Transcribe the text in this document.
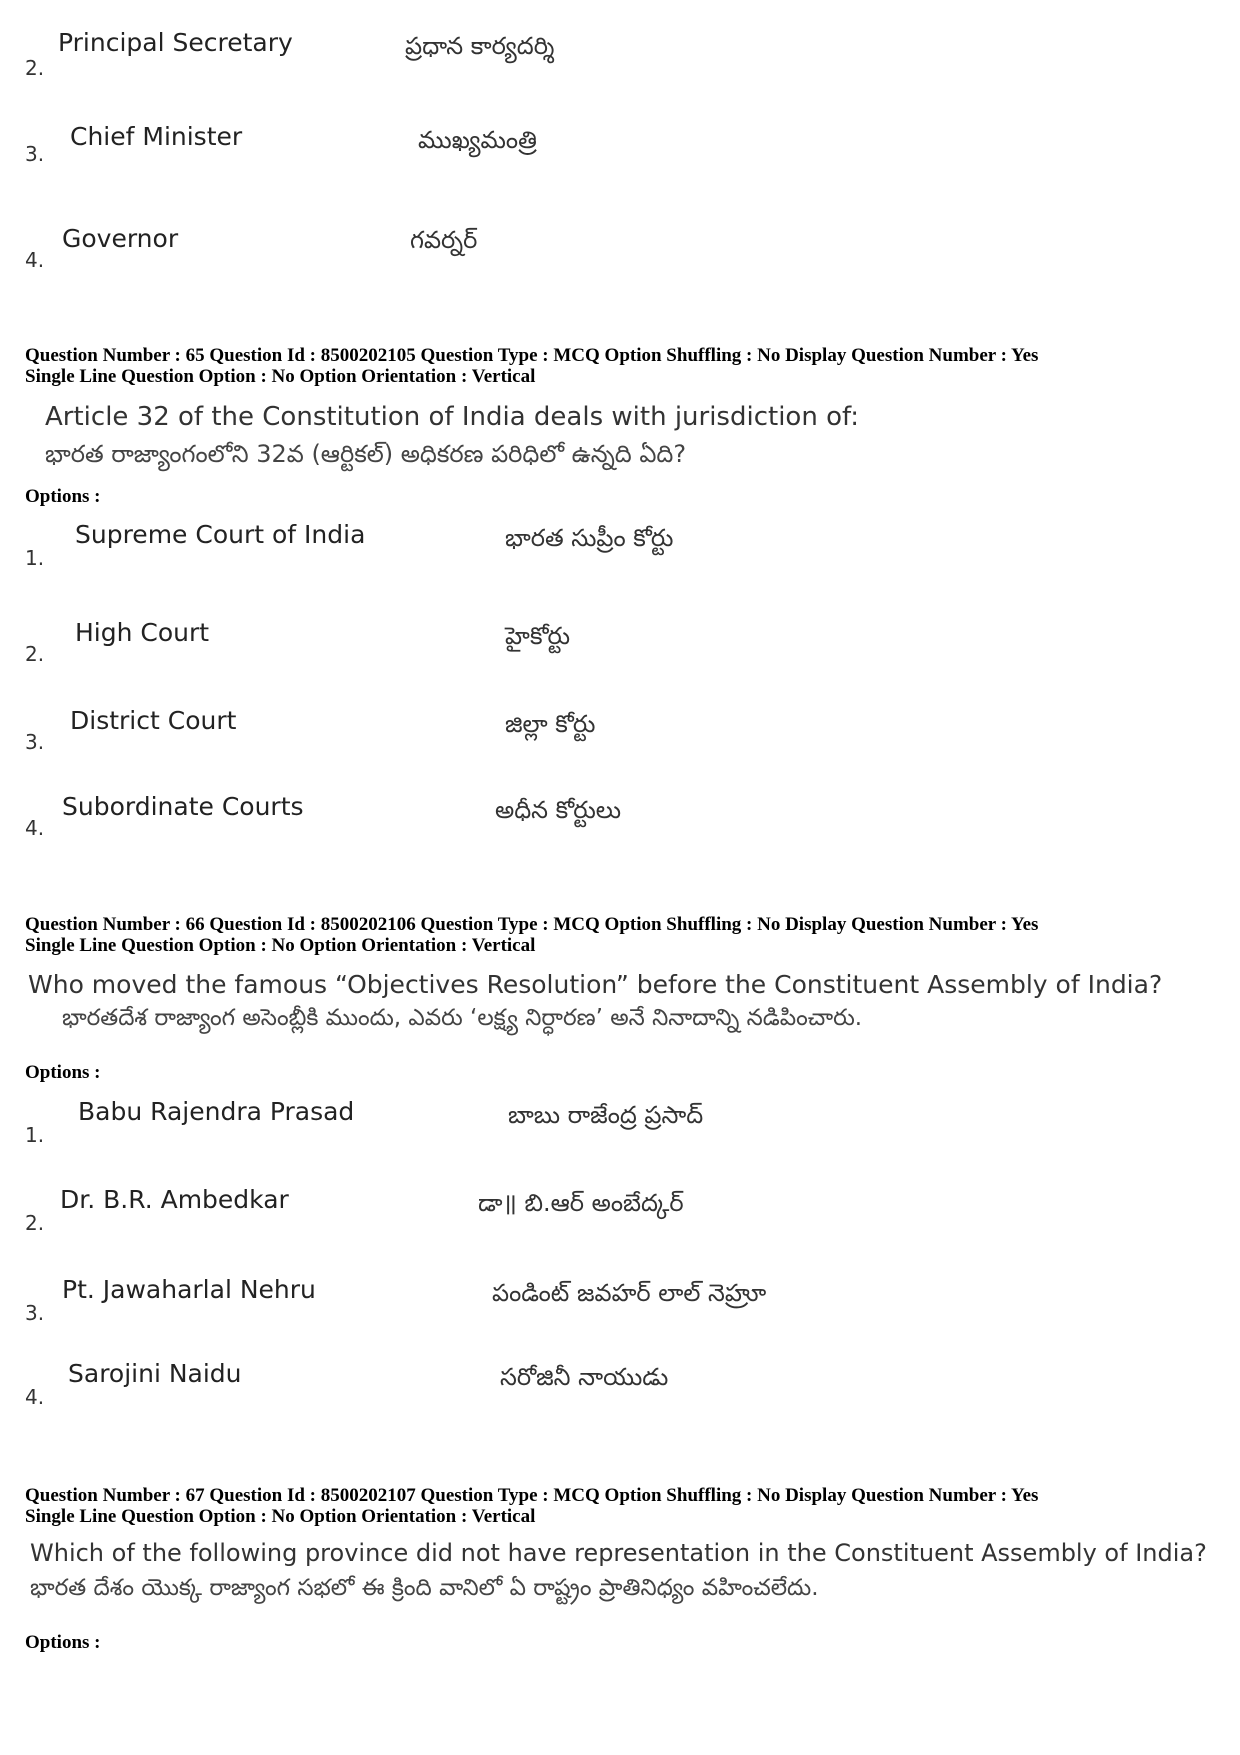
2.
Principal Secretary	ప్రధాన కార్యదర్శి
3.
Chief Minister	ముఖ్యమంత్రి
4.
Governor	గవర్నర్
Question Number : 65 Question Id : 8500202105 Question Type : MCQ Option Shuffling : No Display Question Number : Yes
Single Line Question Option : No Option Orientation : Vertical
Article 32 of the Constitution of India deals with jurisdiction of:
భారత రాజ్యాంగంలోని 32వ (ఆర్టికల్) అధికరణ పరిధిలో ఉన్నది ఏది?
Options :
1.
Supreme Court of India	భారత సుప్రీం కోర్టు
2.
High Court	హైకోర్టు
3.
District Court	జిల్లా కోర్టు
4.
Subordinate Courts	అధీన కోర్టులు
Question Number : 66 Question Id : 8500202106 Question Type : MCQ Option Shuffling : No Display Question Number : Yes
Single Line Question Option : No Option Orientation : Vertical
Who moved the famous “Objectives Resolution” before the Constituent Assembly of India?
భారతదేశ రాజ్యాంగ అసెంబ్లీకి ముందు, ఎవరు ‘లక్ష్య నిర్ధారణ’ అనే నినాదాన్ని నడిపించారు.
Options :
1.
Babu Rajendra Prasad	బాబు రాజేంద్ర ప్రసాద్
2.
Dr. B.R. Ambedkar	డా॥ బి.ఆర్ అంబేద్కర్
3.
Pt. Jawaharlal Nehru	పండింట్ జవహర్ లాల్ నెహ్రూ
4.
Sarojini Naidu	సరోజినీ నాయుడు
Question Number : 67 Question Id : 8500202107 Question Type : MCQ Option Shuffling : No Display Question Number : Yes
Single Line Question Option : No Option Orientation : Vertical
Which of the following province did not have representation in the Constituent Assembly of India?
భారత దేశం యొక్క రాజ్యాంగ సభలో ఈ క్రింది వానిలో ఏ రాష్ట్రం ప్రాతినిధ్యం వహించలేదు.
Options :
